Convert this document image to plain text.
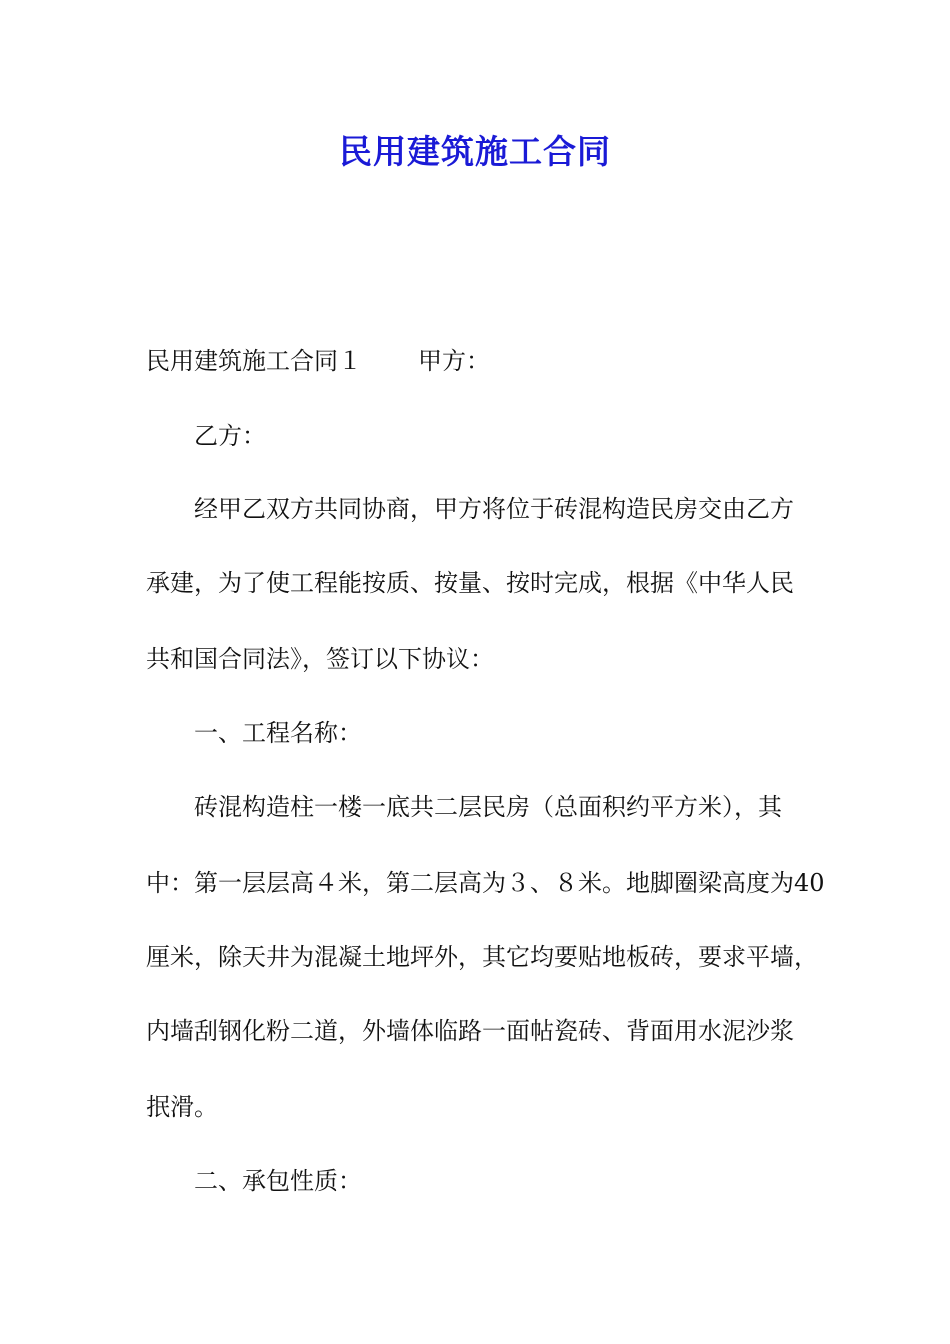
民用建筑施工合同

民用建筑施工合同１ 甲方：

乙方：

经甲乙双方共同协商，甲方将位于砖混构造民房交由乙方

承建，为了使工程能按质、按量、按时完成，根据《中华人民

共和国合同法》，签订以下协议：

一、工程名称：

砖混构造柱一楼一底共二层民房（总面积约平方米），其

中：第一层层高４米，第二层高为３、８米。地脚圈梁高度为40

厘米，除天井为混凝土地坪外，其它均要贴地板砖，要求平墙，

内墙刮钢化粉二道，外墙体临路一面帖瓷砖、背面用水泥沙浆

抿滑。

二、承包性质：
